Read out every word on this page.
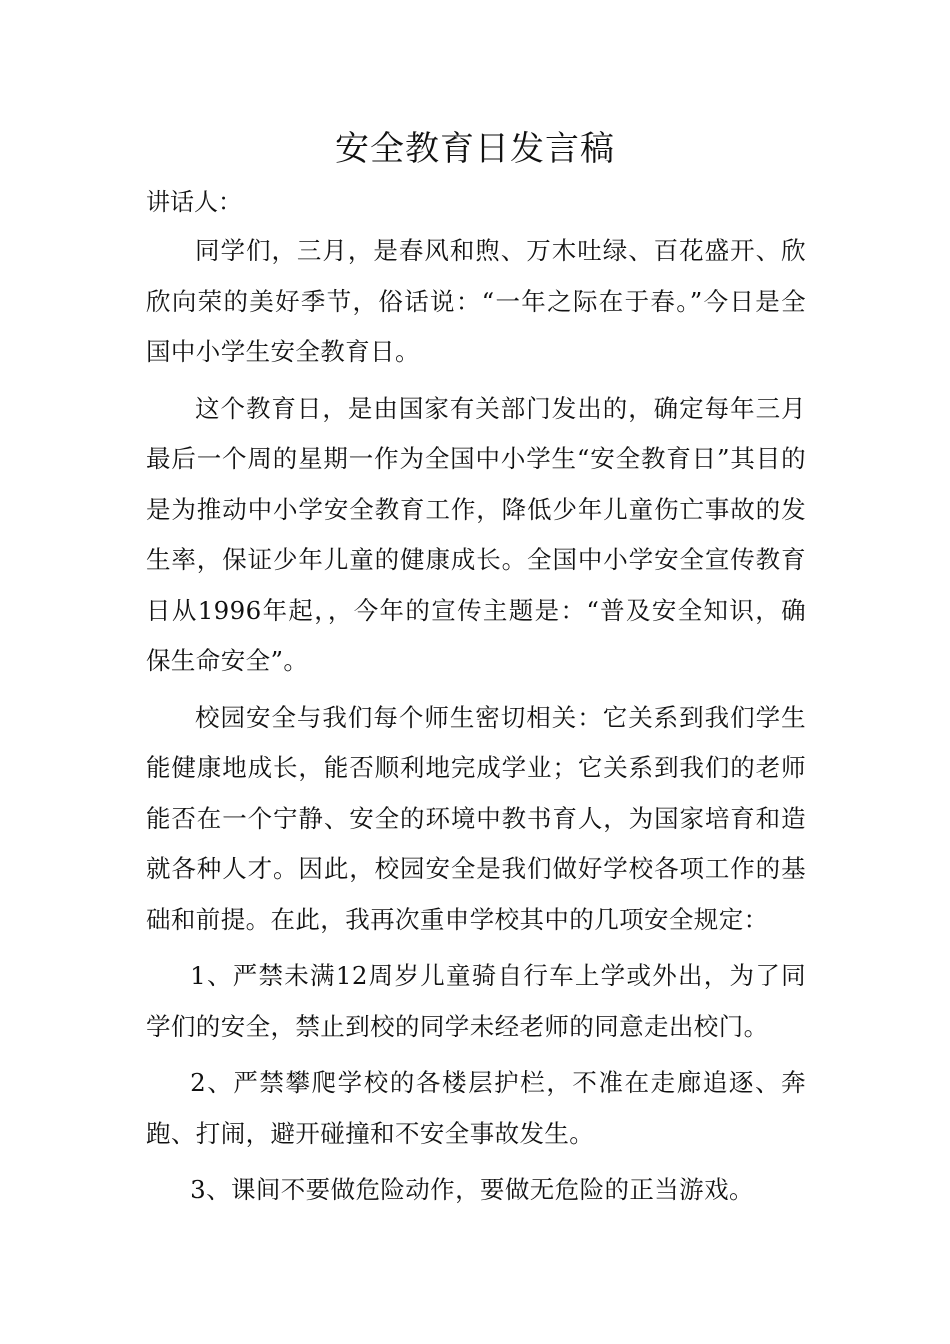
安全教育日发言稿

讲话人：

同学们，三月，是春风和煦、万木吐绿、百花盛开、欣欣向荣的美好季节，俗话说：“一年之际在于春。”今日是全国中小学生安全教育日。

这个教育日，是由国家有关部门发出的，确定每年三月最后一个周的星期一作为全国中小学生“安全教育日”其目的是为推动中小学安全教育工作，降低少年儿童伤亡事故的发生率，保证少年儿童的健康成长。全国中小学安全宣传教育日从1996年起，，今年的宣传主题是：“普及安全知识，确保生命安全”。

校园安全与我们每个师生密切相关：它关系到我们学生能健康地成长，能否顺利地完成学业；它关系到我们的老师能否在一个宁静、安全的环境中教书育人，为国家培育和造就各种人才。因此，校园安全是我们做好学校各项工作的基础和前提。在此，我再次重申学校其中的几项安全规定：

1、严禁未满12周岁儿童骑自行车上学或外出，为了同学们的安全，禁止到校的同学未经老师的同意走出校门。

2、严禁攀爬学校的各楼层护栏，不准在走廊追逐、奔跑、打闹，避开碰撞和不安全事故发生。

3、课间不要做危险动作，要做无危险的正当游戏。
